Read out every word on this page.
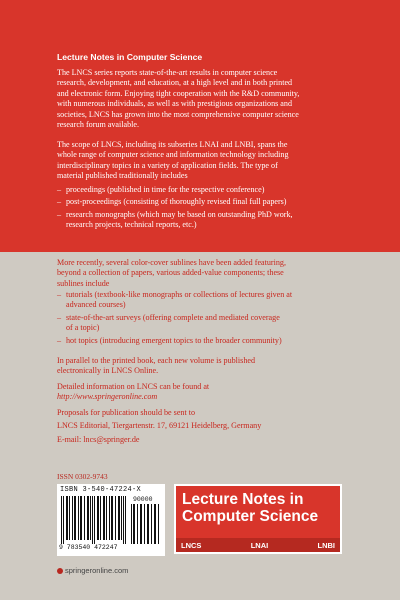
Lecture Notes in Computer Science

The LNCS series reports state-of-the-art results in computer science

research, development, and education, at a high level and in both printed

and electronic form. Enjoying tight cooperation with the R&D community,

with numerous individuals, as well as with prestigious organizations and

societies, LNCS has grown into the most comprehensive computer science

research forum available.

The scope of LNCS, including its subseries LNAI and LNBI, spans the

whole range of computer science and information technology including

interdisciplinary topics in a variety of application fields. The type of

material published traditionally includes

– proceedings (published in time for the respective conference)
– post-proceedings (consisting of thoroughly revised final full papers)
– research monographs (which may be based on outstanding PhD work,
research projects, technical reports, etc.)

More recently, several color-cover sublines have been added featuring,

beyond a collection of papers, various added-value components; these

sublines include

– tutorials (textbook-like monographs or collections of lectures given at
advanced courses)
– state-of-the-art surveys (offering complete and mediated coverage
of a topic)
– hot topics (introducing emergent topics to the broader community)

In parallel to the printed book, each new volume is published

electronically in LNCS Online.

Detailed information on LNCS can be found at

http://www.springeronline.com

Proposals for publication should be sent to
LNCS Editorial, Tiergartenstr. 17, 69121 Heidelberg, Germany
E-mail: lncs@springer.de
ISSN 0302-9743
ISBN 3-540-47224-X
90000
9 783540 472247
springeronline.com
Lecture Notes in
Computer Science
LNCS	LNAI	LNBI
